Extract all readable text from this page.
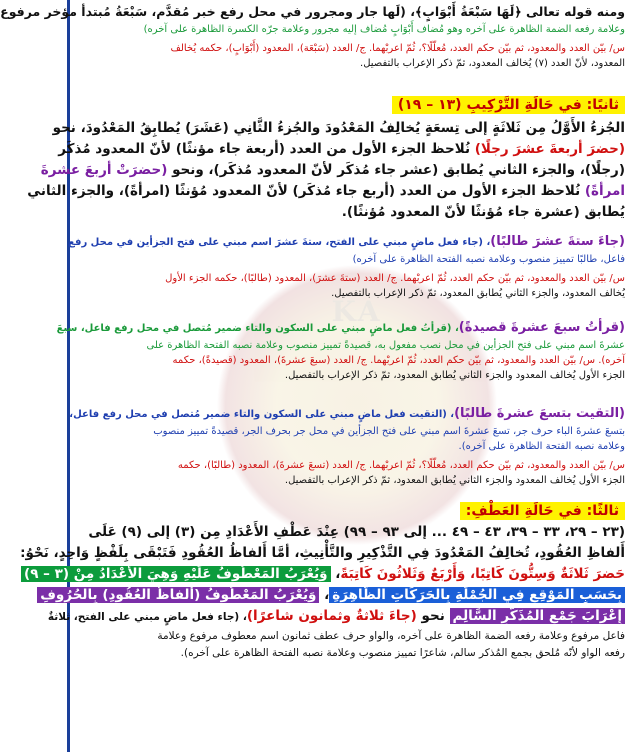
KA
ومنه قوله تعالى ﴿لَهَا سَبْعَةُ أَبْوَابٍ﴾، (لَها جار ومجرور في محل رفع خبر مُقدَّم، سَبْعَةُ مُبتدأ مؤخر مرفوع
وعلامة رفعه الضمة الظاهرة على آخره وهو مُضاف أَبْوَابٍ مُضاف إليه مجرور وعلامة جرّه الكسرة الظاهرة على آخره)
س/ بيّن العدد والمعدود، ثم بيّن حكم العدد، مُعلّلًا؟، ثُمّ اعربْهما. ج/ العدد (سَبْعَة)، المعدود (أَبْوَابٍ)، حكمه يُخالف
المعدود، لأنّ العدد (٧) يُخالف المعدود، ثمّ ذكر الإعراب بالتفصيل.
ثانيًا: في حَالَةِ التَّرْكِيبِ (١٣ – ١٩)
الجُزءُ الأَوَّلُ مِن ثَلاثَةٍ إلى تِسعَةٍ يُخالِفُ المَعْدُودَ والجُزءُ الثَّانِي (عَشَرَ) يُطابِقُ المَعْدُودَ، نحو
(حضرَ أربعةَ عشرَ رجلًا) نُلاحظ الجزء الأول من العدد (أربعة جاء مؤنثًا) لأنّ المعدود مُذكَر
(رجلًا)، والجزء الثاني يُطابق (عشر جاء مُذكَر لأنّ المعدود مُذكَر)، ونحو (حضرَتْ أربعَ عشرةَ
امرأةً) نُلاحظ الجزء الأول من العدد (أربع جاء مُذكَر) لأنّ المعدود مُؤنثًا (امرأةً)، والجزء الثاني
يُطابق (عشرة جاء مُؤنثًا لأنّ المعدود مُؤنثًا).
(جاءَ ستةَ عشرَ طالبًا)، (جاء فعل ماضٍ مبني على الفتح، ستةَ عشرَ اسم مبني على فتح الجزأين في محل رفع
فاعل، طالبًا تمييز منصوب وعلامة نصبه الفتحة الظاهرة على آخره)
س/ بيّن العدد والمعدود، ثم بيّن حكم العدد، ثُمّ اعربْهما. ج/ العدد (ستةَ عشرَ)، المعدود (طالبًا)، حكمه الجزء الأول
يُخالف المعدود، والجزء الثاني يُطابق المعدود، ثمّ ذكر الإعراب بالتفصيل.
(قرأتُ سبعَ عشرةَ قصيدةً)، (قرأتُ فعل ماضٍ مبني على السكون والتاء ضمير مُتصل في محل رفع فاعل، سبعَ
عشرةَ اسم مبني على فتح الجزأين في محل نصب مفعول به، قصيدةً تمييز منصوب وعلامة نصبه الفتحة الظاهرة على
آخره). س/ بيّن العدد والمعدود، ثم بيّن حكم العدد، ثُمّ اعربْهما. ج/ العدد (سبعَ عشرةَ)، المعدود (قصيدةً)، حكمه
الجزء الأول يُخالف المعدود والجزء الثاني يُطابق المعدود، ثمّ ذكر الإعراب بالتفصيل.
(التقيت بتسعَ عشرةَ طالبًا)، (التقيت فعل ماضٍ مبني على السكون والتاء ضمير مُتصل في محل رفع فاعل،
بتسعَ عشرةَ الباء حرف جر، تسعَ عشرةَ اسم مبني على فتح الجزأين في محل جر بحرف الجر، قصيدةً تمييز منصوب
وعلامة نصبه الفتحة الظاهرة على آخره).
س/ بيّن العدد والمعدود، ثم بيّن حكم العدد، مُعلّلًا؟، ثُمّ اعربْهما. ج/ العدد (تسعَ عشرةَ)، المعدود (طالبًا)، حكمه
الجزء الأول يُخالف المعدود والجزء الثاني يُطابق المعدود، ثمّ ذكر الإعراب بالتفصيل.
ثالثًا: في حَالَةِ العَطْفِ:
(٢٣ – ٢٩، ٣٣ – ٣٩، ٤٣ – ٤٩ ... إلى ٩٣ – ٩٩) عِنْدَ عَطْفِ الأَعْدَادِ مِن (٣) إلى (٩) عَلَى
أَلفاظِ العُقُودِ، تُخالِفُ المَعْدُودَ فِي التَّذْكِيرِ والتَّأْنِيثِ، أمَّا أَلفاظُ العُقُودِ فَتَبْقَى بِلَفْظٍ وَاحِدٍ، نَحْوُ:
حَضرَ ثَلاثَةٌ وَسِتُّونَ كَاتِبًا، وَأَرْبَعٌ وَثَلاثُونَ كَاتِبَةً، وَيُعْرَبُ المَعْطُوفُ عَلَيْهِ وَهِيَ الأَعْدَادُ مِنْ (٣ – ٩)
بِحَسَبِ المَوْقِعِ فِي الجُمْلَةِ بِالحَرَكَاتِ الظَّاهِرَةِ، وَيُعْرَبُ المَعْطُوفُ (أَلفاظُ العُقُودِ) بِالحُرُوفِ
إِعْرَابَ جَمْعِ المُذَكَّرِ السَّالِمِ نحو (جاءَ ثلاثةٌ وثمانون شاعرًا)، (جاء فعل ماضٍ مبني على الفتح، ثلاثةٌ
فاعل مرفوع وعلامة رفعه الضمة الظاهرة على آخره، والواو حرف عطف ثمانون اسم معطوف مرفوع وعلامة
رفعه الواو لأنّه مُلحق بجمع المُذكر سالم، شاعرًا تمييز منصوب وعلامة نصبه الفتحة الظاهرة على آخره).
